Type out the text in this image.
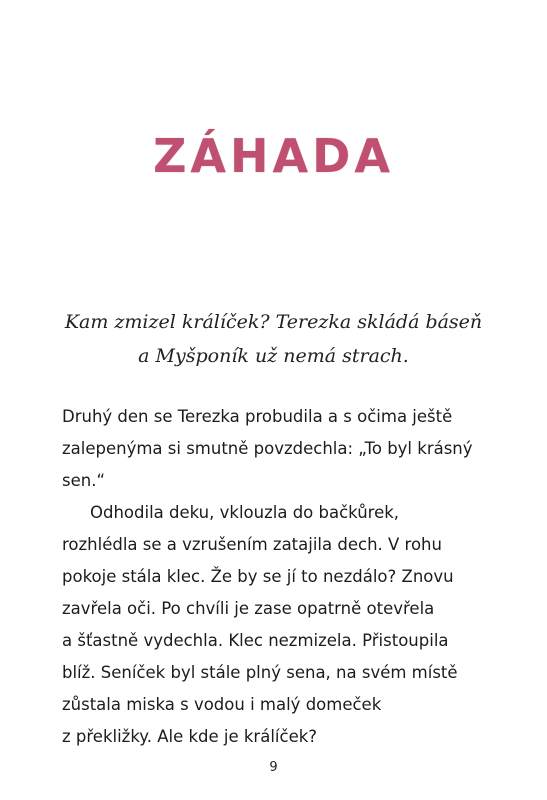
ZÁHADA
Kam zmizel králíček? Terezka skládá báseň
a Myšponík už nemá strach.
Druhý den se Terezka probudila a s očima ještě
zalepenýma si smutně povzdechla: „To byl krásný
sen.“
Odhodila deku, vklouzla do bačkůrek,
rozhlédla se a vzrušením zatajila dech. V rohu
pokoje stála klec. Že by se jí to nezdálo? Znovu
zavřela oči. Po chvíli je zase opatrně otevřela
a šťastně vydechla. Klec nezmizela. Přistoupila
blíž. Seníček byl stále plný sena, na svém místě
zůstala miska s vodou i malý domeček
z překližky. Ale kde je králíček?
9
